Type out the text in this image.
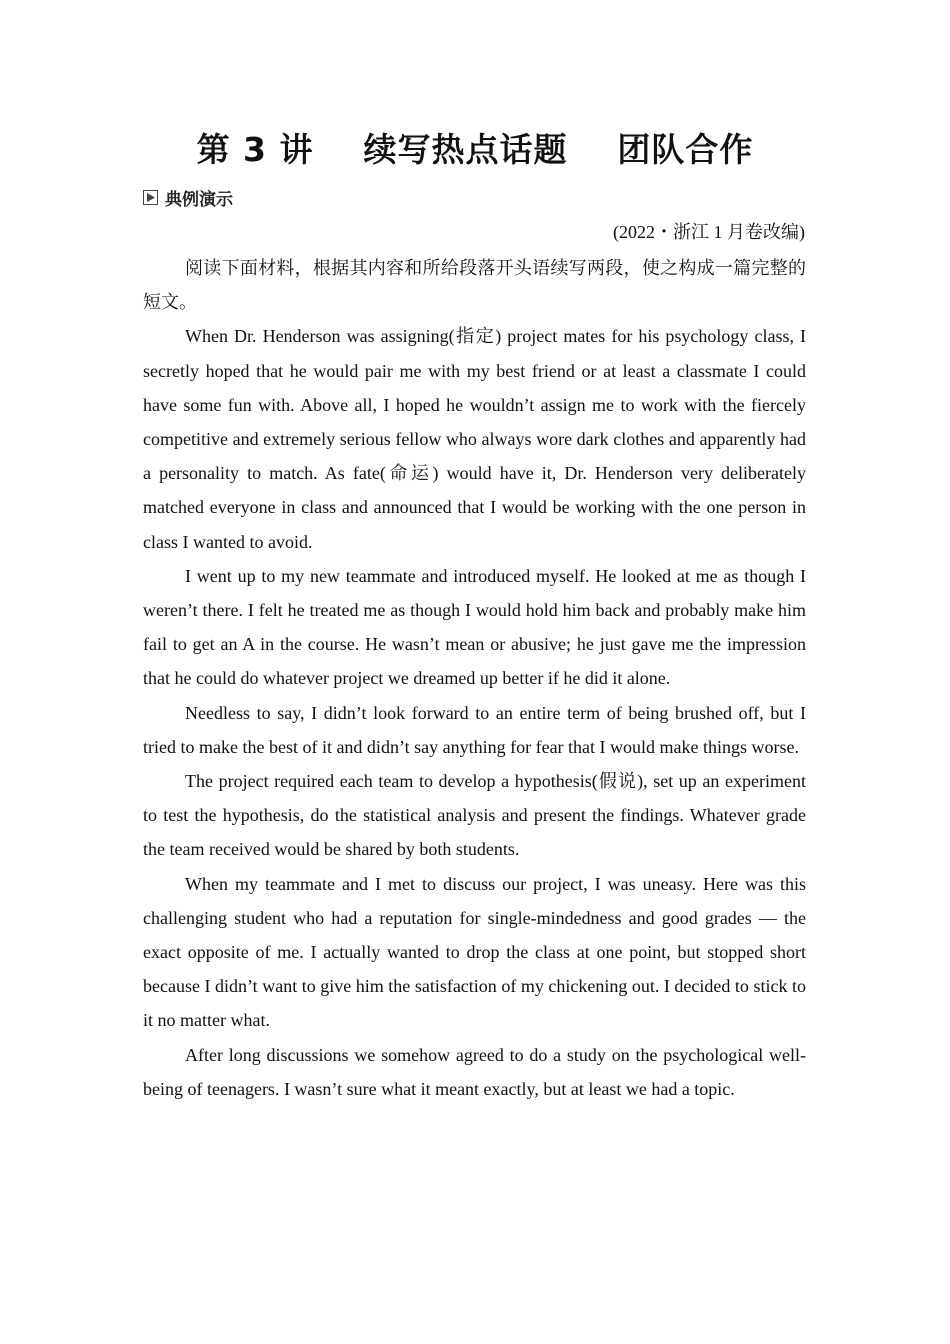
第 3 讲    续写热点话题    团队合作
典例演示
(2022・浙江 1 月卷改编)

阅读下面材料，根据其内容和所给段落开头语续写两段，使之构成一篇完整的短文。

When Dr. Henderson was assigning(指定) project mates for his psychology class, I secretly hoped that he would pair me with my best friend or at least a classmate I could have some fun with. Above all, I hoped he wouldn’t assign me to work with the fiercely competitive and extremely serious fellow who always wore dark clothes and apparently had a personality to match. As fate(命运) would have it, Dr. Henderson very deliberately matched everyone in class and announced that I would be working with the one person in class I wanted to avoid.

I went up to my new teammate and introduced myself. He looked at me as though I weren’t there. I felt he treated me as though I would hold him back and probably make him fail to get an A in the course. He wasn’t mean or abusive; he just gave me the impression that he could do whatever project we dreamed up better if he did it alone.

Needless to say, I didn’t look forward to an entire term of being brushed off, but I tried to make the best of it and didn’t say anything for fear that I would make things worse.

The project required each team to develop a hypothesis(假说), set up an experiment to test the hypothesis, do the statistical analysis and present the findings. Whatever grade the team received would be shared by both students.

When my teammate and I met to discuss our project, I was uneasy. Here was this challenging student who had a reputation for single-mindedness and good grades — the exact opposite of me. I actually wanted to drop the class at one point, but stopped short because I didn’t want to give him the satisfaction of my chickening out. I decided to stick to it no matter what.

After long discussions we somehow agreed to do a study on the psychological well-being of teenagers. I wasn’t sure what it meant exactly, but at least we had a topic.
